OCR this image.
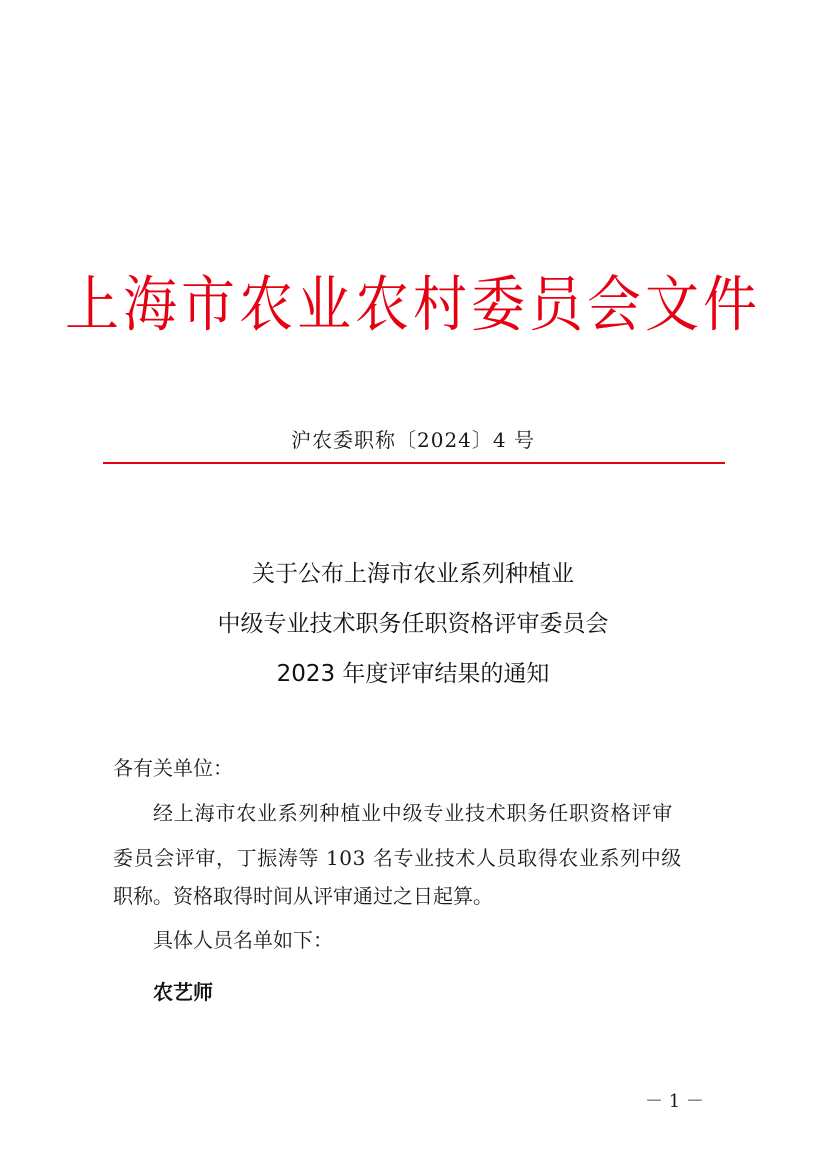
上海市农业农村委员会文件
沪农委职称〔2024〕4 号
关于公布上海市农业系列种植业
中级专业技术职务任职资格评审委员会
2023 年度评审结果的通知
各有关单位：
经上海市农业系列种植业中级专业技术职务任职资格评审
委员会评审，丁振涛等 103 名专业技术人员取得农业系列中级
职称。资格取得时间从评审通过之日起算。
具体人员名单如下：
农艺师
－ 1 －
